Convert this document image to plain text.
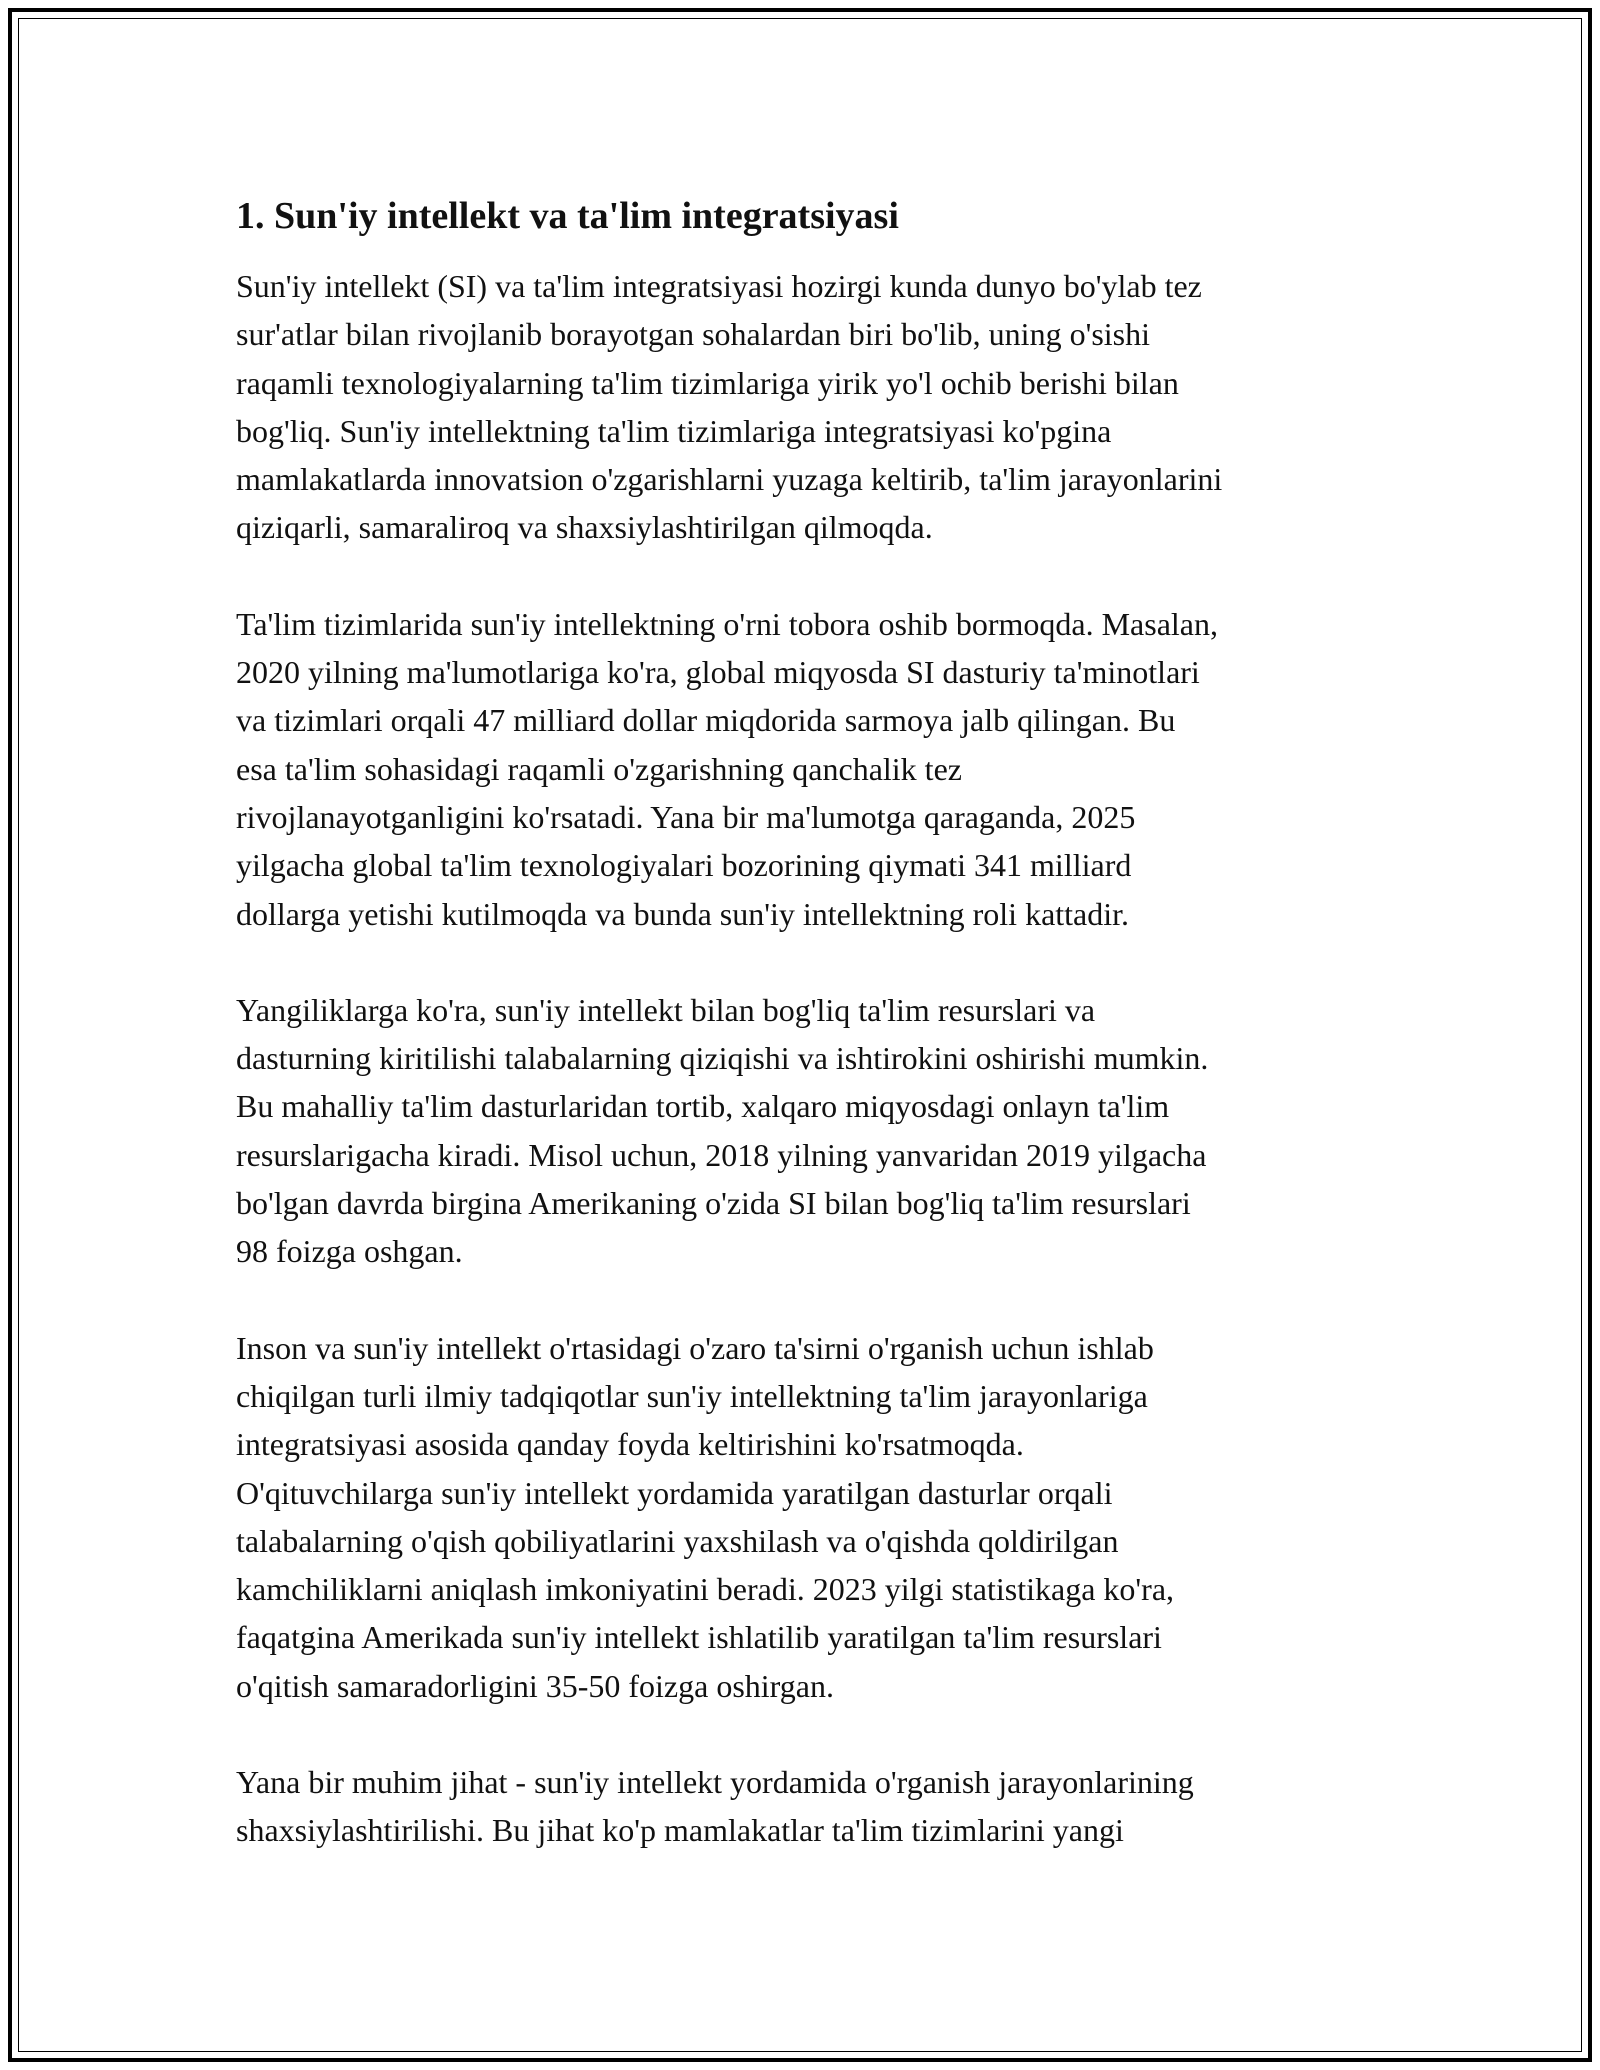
1. Sun'iy intellekt va ta'lim integratsiyasi

Sun'iy intellekt (SI) va ta'lim integratsiyasi hozirgi kunda dunyo bo'ylab tez
sur'atlar bilan rivojlanib borayotgan sohalardan biri bo'lib, uning o'sishi
raqamli texnologiyalarning ta'lim tizimlariga yirik yo'l ochib berishi bilan
bog'liq. Sun'iy intellektning ta'lim tizimlariga integratsiyasi ko'pgina
mamlakatlarda innovatsion o'zgarishlarni yuzaga keltirib, ta'lim jarayonlarini
qiziqarli, samaraliroq va shaxsiylashtirilgan qilmoqda.

Ta'lim tizimlarida sun'iy intellektning o'rni tobora oshib bormoqda. Masalan,
2020 yilning ma'lumotlariga ko'ra, global miqyosda SI dasturiy ta'minotlari
va tizimlari orqali 47 milliard dollar miqdorida sarmoya jalb qilingan. Bu
esa ta'lim sohasidagi raqamli o'zgarishning qanchalik tez
rivojlanayotganligini ko'rsatadi. Yana bir ma'lumotga qaraganda, 2025
yilgacha global ta'lim texnologiyalari bozorining qiymati 341 milliard
dollarga yetishi kutilmoqda va bunda sun'iy intellektning roli kattadir.

Yangiliklarga ko'ra, sun'iy intellekt bilan bog'liq ta'lim resurslari va
dasturning kiritilishi talabalarning qiziqishi va ishtirokini oshirishi mumkin.
Bu mahalliy ta'lim dasturlaridan tortib, xalqaro miqyosdagi onlayn ta'lim
resurslarigacha kiradi. Misol uchun, 2018 yilning yanvaridan 2019 yilgacha
bo'lgan davrda birgina Amerikaning o'zida SI bilan bog'liq ta'lim resurslari
98 foizga oshgan.

Inson va sun'iy intellekt o'rtasidagi o'zaro ta'sirni o'rganish uchun ishlab
chiqilgan turli ilmiy tadqiqotlar sun'iy intellektning ta'lim jarayonlariga
integratsiyasi asosida qanday foyda keltirishini ko'rsatmoqda.
O'qituvchilarga sun'iy intellekt yordamida yaratilgan dasturlar orqali
talabalarning o'qish qobiliyatlarini yaxshilash va o'qishda qoldirilgan
kamchiliklarni aniqlash imkoniyatini beradi. 2023 yilgi statistikaga ko'ra,
faqatgina Amerikada sun'iy intellekt ishlatilib yaratilgan ta'lim resurslari
o'qitish samaradorligini 35-50 foizga oshirgan.

Yana bir muhim jihat - sun'iy intellekt yordamida o'rganish jarayonlarining
shaxsiylashtirilishi. Bu jihat ko'p mamlakatlar ta'lim tizimlarini yangi
